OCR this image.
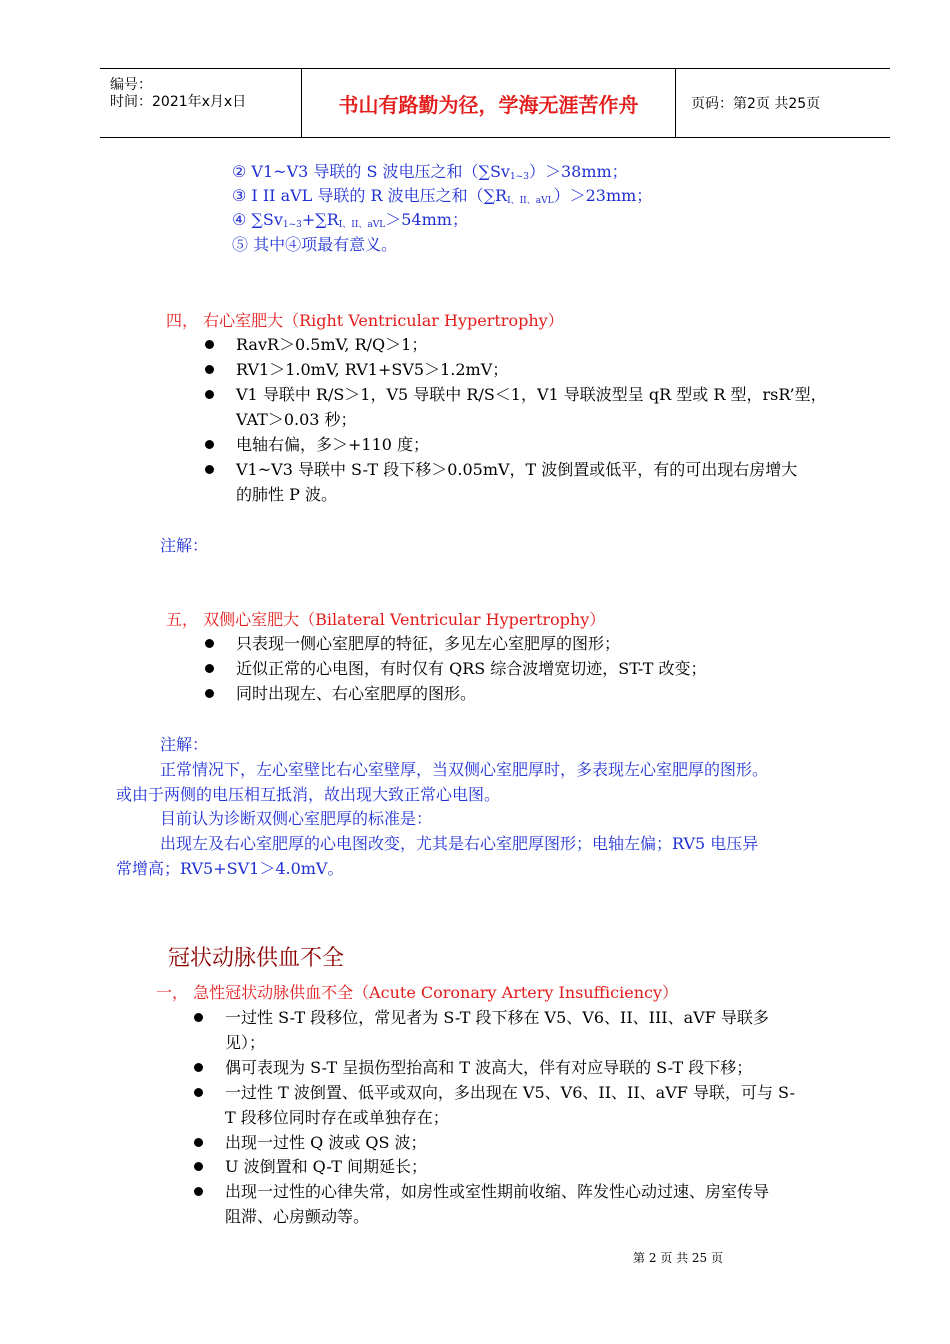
编号：
时间：2021年x月x日	书山有路勤为径，学海无涯苦作舟	页码：第2页 共25页
② V1~V3 导联的 S 波电压之和$(\sum Sv_{1\sim 3})>38mm$；
③ I II aVL 导联的 R 波电压之和$(\sum R_{I、II、aVL})>23mm$；
④ $\sum Sv_{1\sim 3}+\sum R_{I、II、aVL}>54mm$；
⑤ 其中④项最有意义。
四， 右心室肥大（Right Ventricular Hypertrophy）
RavR＞0.5mV, R/Q＞1；
RV1＞1.0mV, RV1+SV5＞1.2mV；
V1 导联中 R/S＞1，V5 导联中 R/S＜1，V1 导联波型呈 qR 型或 R 型，rsR’型，
VAT＞0.03 秒；
电轴右偏，多＞+110 度；
V1~V3 导联中 S-T 段下移＞0.05mV，T 波倒置或低平，有的可出现右房增大
的肺性 P 波。
注解：
五， 双侧心室肥大（Bilateral Ventricular Hypertrophy）
只表现一侧心室肥厚的特征，多见左心室肥厚的图形；
近似正常的心电图，有时仅有 QRS 综合波增宽切迹，ST-T 改变；
同时出现左、右心室肥厚的图形。
注解：
正常情况下，左心室壁比右心室壁厚，当双侧心室肥厚时，多表现左心室肥厚的图形。
或由于两侧的电压相互抵消，故出现大致正常心电图。
目前认为诊断双侧心室肥厚的标准是：
出现左及右心室肥厚的心电图改变，尤其是右心室肥厚图形；电轴左偏；RV5 电压异
常增高；RV5+SV1＞4.0mV。
冠状动脉供血不全
一， 急性冠状动脉供血不全（Acute Coronary Artery Insufficiency）
一过性 S-T 段移位，常见者为 S-T 段下移在 V5、V6、II、III、aVF 导联多
见）；
偶可表现为 S-T 呈损伤型抬高和 T 波高大，伴有对应导联的 S-T 段下移；
一过性 T 波倒置、低平或双向，多出现在 V5、V6、II、II、aVF 导联，可与 S-
T 段移位同时存在或单独存在；
出现一过性 Q 波或 QS 波；
U 波倒置和 Q-T 间期延长；
出现一过性的心律失常，如房性或室性期前收缩、阵发性心动过速、房室传导
阻滞、心房颤动等。
第 2 页 共 25 页
